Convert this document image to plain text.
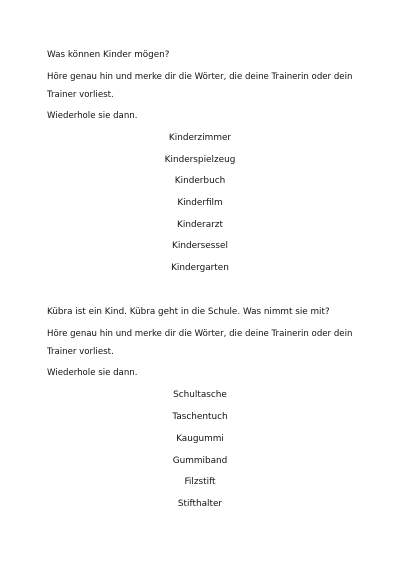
Was können Kinder mögen?
Höre genau hin und merke dir die Wörter, die deine Trainerin oder dein
Trainer vorliest.
Wiederhole sie dann.
Kinderzimmer
Kinderspielzeug
Kinderbuch
Kinderfilm
Kinderarzt
Kindersessel
Kindergarten
Kübra ist ein Kind. Kübra geht in die Schule. Was nimmt sie mit?
Höre genau hin und merke dir die Wörter, die deine Trainerin oder dein
Trainer vorliest.
Wiederhole sie dann.
Schultasche
Taschentuch
Kaugummi
Gummiband
Filzstift
Stifthalter
